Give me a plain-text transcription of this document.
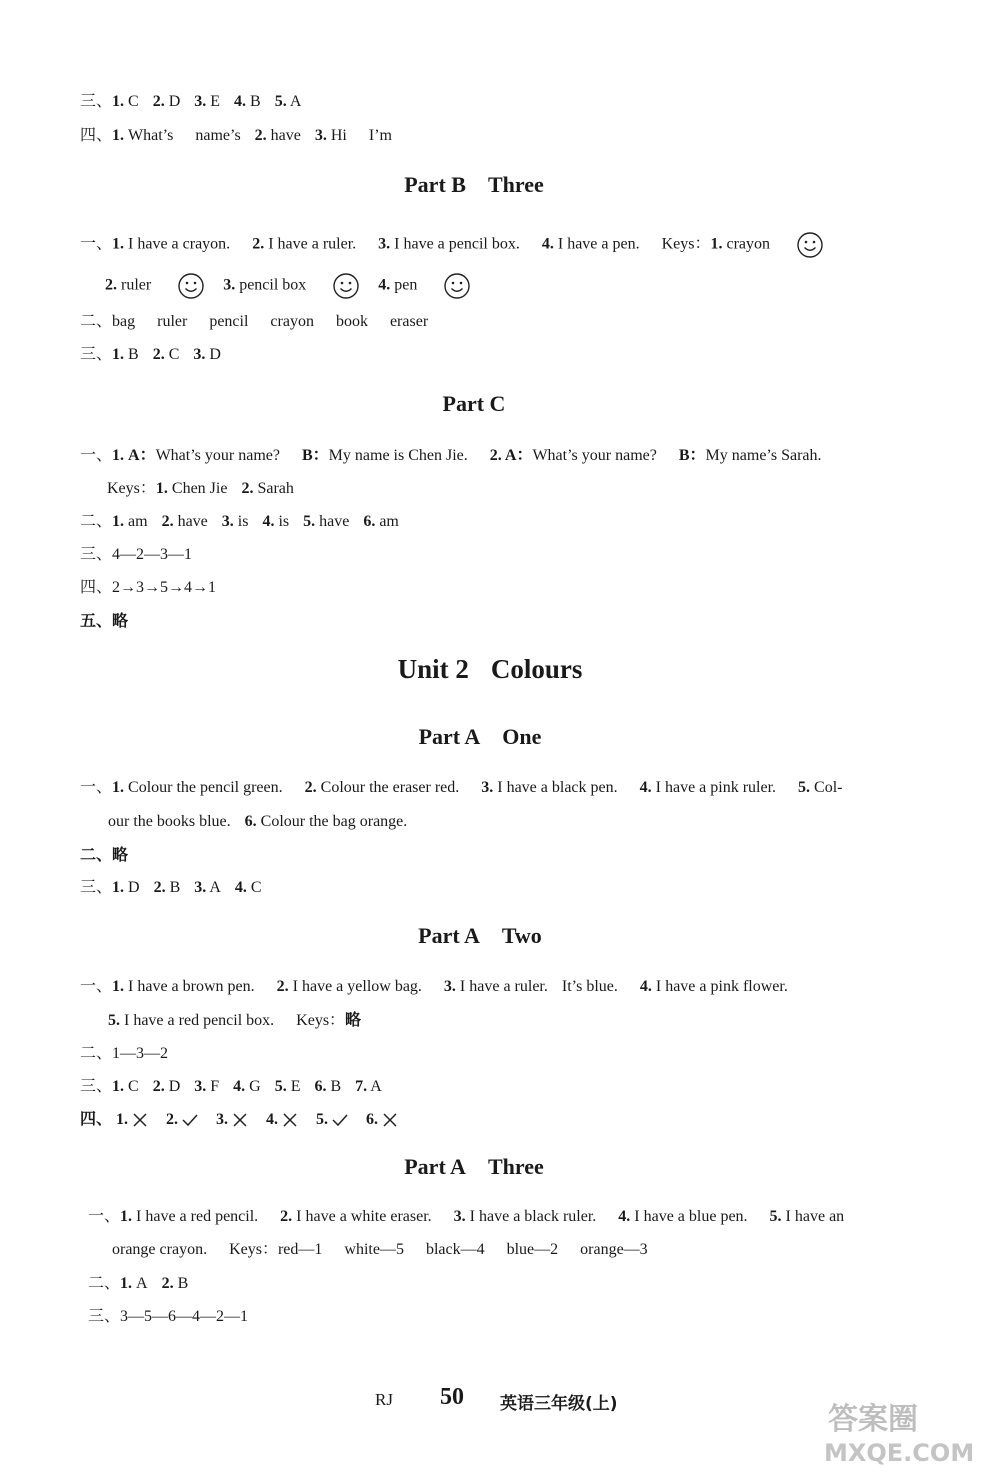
三、1. C 2. D 3. E 4. B 5. A
四、1. What’s name’s 2. have 3. Hi I’m
Part B Three
一、1. I have a crayon. 2. I have a ruler. 3. I have a pencil box. 4. I have a pen. Keys：1. crayon
2. ruler	3. pencil box	4. pen
二、bag ruler pencil crayon book eraser
三、1. B 2. C 3. D
Part C
一、1. A：What’s your name? B：My name is Chen Jie. 2. A：What’s your name? B：My name’s Sarah.
Keys：1. Chen Jie 2. Sarah
二、1. am 2. have 3. is 4. is 5. have 6. am
三、4—2—3—1
四、2→3→5→4→1
五、略
Unit 2 Colours
Part A One
一、1. Colour the pencil green. 2. Colour the eraser red. 3. I have a black pen. 4. I have a pink ruler. 5. Col-
our the books blue. 6. Colour the bag orange.
二、略
三、1. D 2. B 3. A 4. C
Part A Two
一、1. I have a brown pen. 2. I have a yellow bag. 3. I have a ruler. It’s blue. 4. I have a pink flower.
5. I have a red pencil box. Keys：略
二、1—3—2
三、1. C 2. D 3. F 4. G 5. E 6. B 7. A
四、 1. 2. 3. 4. 5. 6.
Part A Three
一、1. I have a red pencil. 2. I have a white eraser. 3. I have a black ruler. 4. I have a blue pen. 5. I have an
orange crayon. Keys：red—1 white—5 black—4 blue—2 orange—3
二、1. A 2. B
三、3—5—6—4—2—1
RJ 50 英语三年级(上)	答案圈
MXQE.COM
